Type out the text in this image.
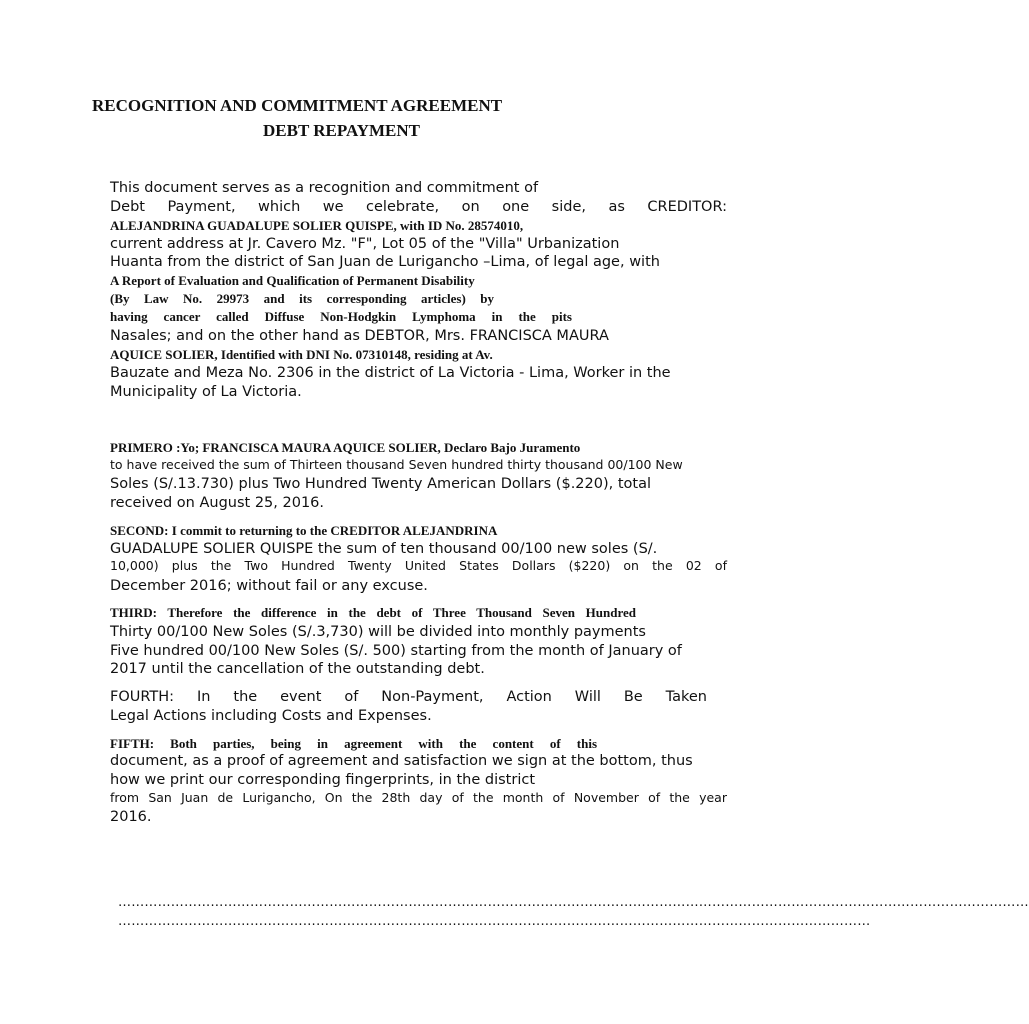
RECOGNITION AND COMMITMENT AGREEMENT
DEBT REPAYMENT

This document serves as a recognition and commitment of

Debt Payment, which we celebrate, on one side, as CREDITOR:

ALEJANDRINA GUADALUPE SOLIER QUISPE, with ID No. 28574010,

current address at Jr. Cavero Mz. "F", Lot 05 of the "Villa" Urbanization

Huanta from the district of San Juan de Lurigancho –Lima, of legal age, with

A Report of Evaluation and Qualification of Permanent Disability

(By Law No. 29973 and its corresponding articles) by

having cancer called Diffuse Non-Hodgkin Lymphoma in the pits

Nasales; and on the other hand as DEBTOR, Mrs. FRANCISCA MAURA

AQUICE SOLIER, Identified with DNI No. 07310148, residing at Av.

Bauzate and Meza No. 2306 in the district of La Victoria - Lima, Worker in the

Municipality of La Victoria.

PRIMERO :Yo; FRANCISCA MAURA AQUICE SOLIER, Declaro Bajo Juramento

to have received the sum of Thirteen thousand Seven hundred thirty thousand 00/100 New

Soles (S/.13.730) plus Two Hundred Twenty American Dollars ($.220), total

received on August 25, 2016.

SECOND: I commit to returning to the CREDITOR ALEJANDRINA

GUADALUPE SOLIER QUISPE the sum of ten thousand 00/100 new soles (S/.

10,000) plus the Two Hundred Twenty United States Dollars ($220) on the 02 of

December 2016; without fail or any excuse.

THIRD: Therefore the difference in the debt of Three Thousand Seven Hundred

Thirty 00/100 New Soles (S/.3,730) will be divided into monthly payments

Five hundred 00/100 New Soles (S/. 500) starting from the month of January of

2017 until the cancellation of the outstanding debt.

FOURTH: In the event of Non-Payment, Action Will Be Taken

Legal Actions including Costs and Expenses.

FIFTH: Both parties, being in agreement with the content of this

document, as a proof of agreement and satisfaction we sign at the bottom, thus

how we print our corresponding fingerprints, in the district

from San Juan de Lurigancho, On the 28th day of the month of November of the year

2016.

………………………………………………………………………………………………………………………………………………………………………………………

………………………………………………………………………………………………………………………………………………………
